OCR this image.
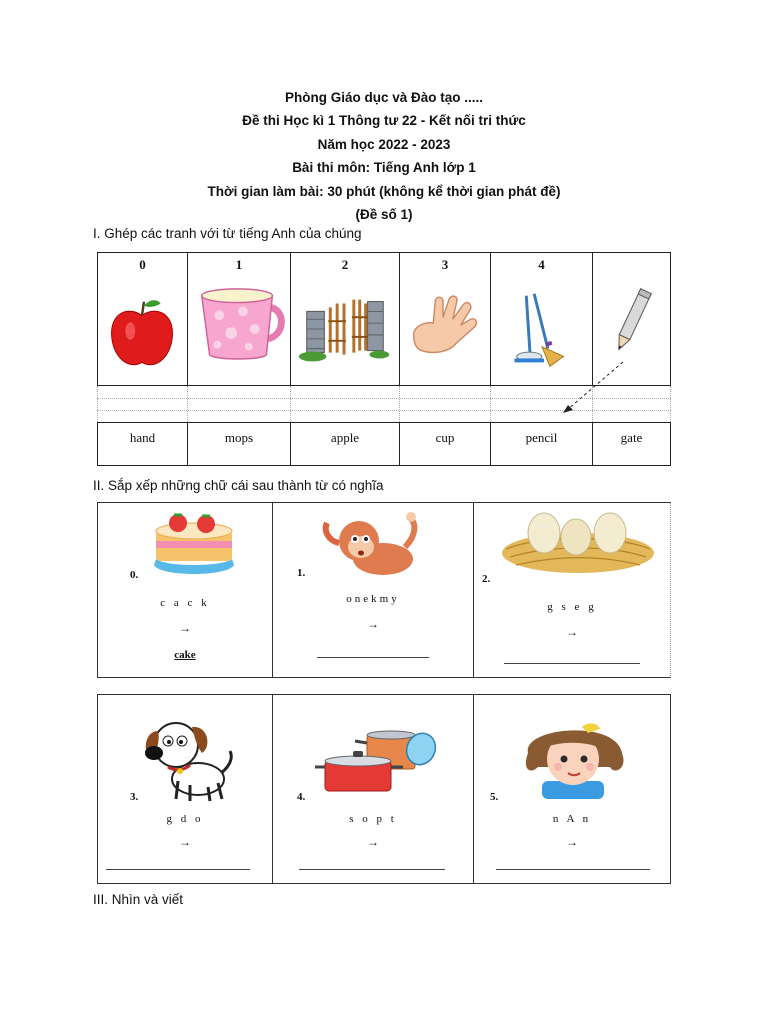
Phòng Giáo dục và Đào tạo .....
Đề thi Học kì 1 Thông tư 22 - Kết nối tri thức
Năm học 2022 - 2023
Bài thi môn: Tiếng Anh lớp 1
Thời gian làm bài: 30 phút (không kể thời gian phát đề)
(Đề số 1)
I. Ghép các tranh với từ tiếng Anh của chúng
0	1	2	3	4
hand	mops	apple	cup	pencil	gate
II. Sắp xếp những chữ cái sau thành từ có nghĩa
0.
c a c k
→
cake
1.
onekmy
→
2.
g s e g
→
3.
g d o
→
4.
s o p t
→
5.
n A n
→
III. Nhìn và viết
